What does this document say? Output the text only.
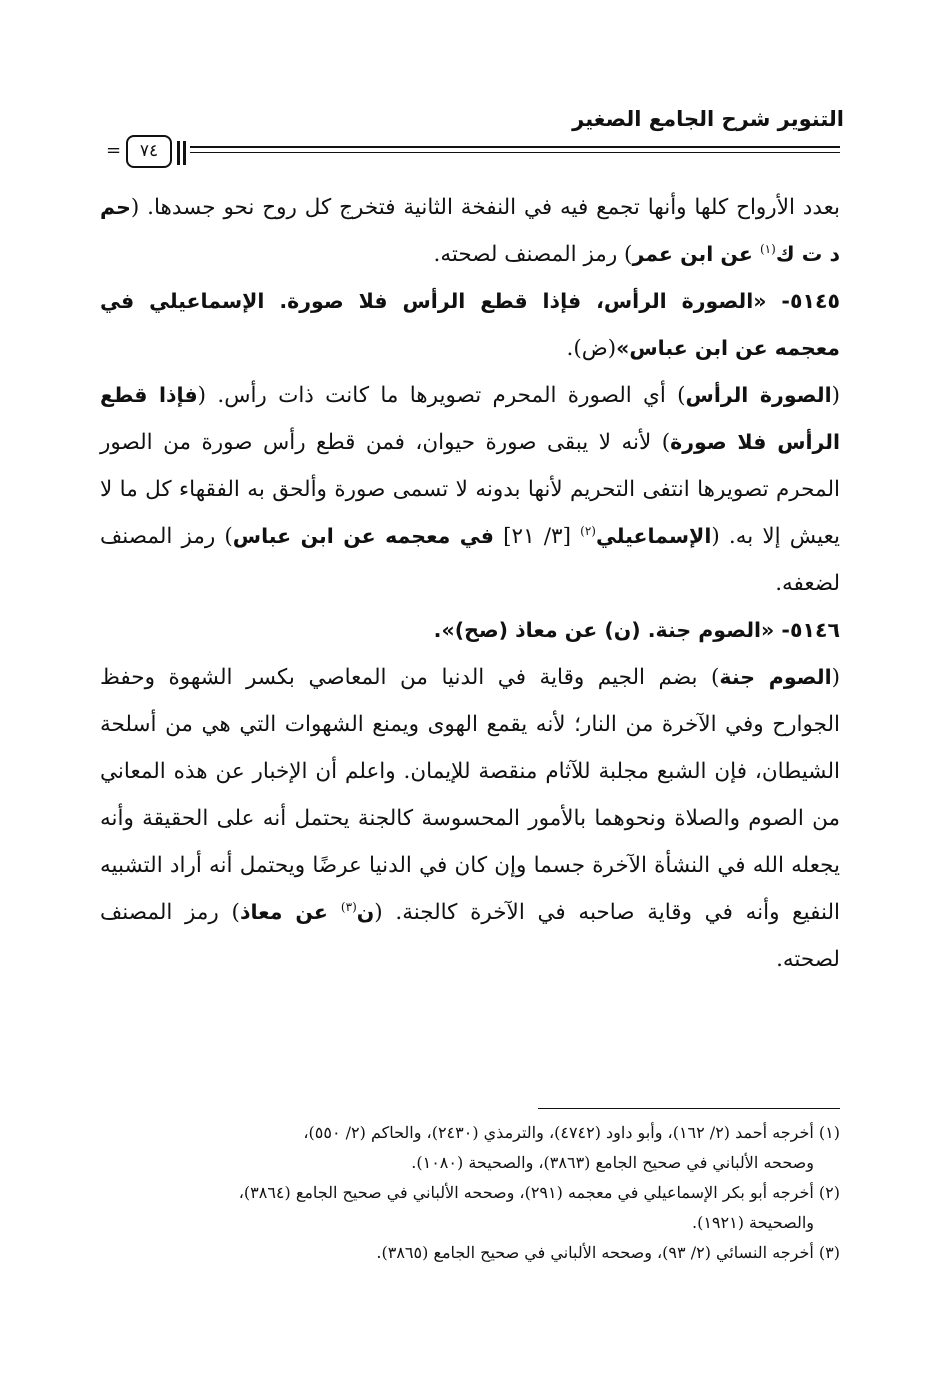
التنوير شرح الجامع الصغير
=	٧٤

بعدد الأرواح كلها وأنها تجمع فيه في النفخة الثانية فتخرج كل روح نحو جسدها. (حم د ت ك$^{(١)}$ عن ابن عمر) رمز المصنف لصحته.

٥١٤٥- «الصورة الرأس، فإذا قطع الرأس فلا صورة. الإسماعيلي في معجمه عن ابن عباس»(ض).

(الصورة الرأس) أي الصورة المحرم تصويرها ما كانت ذات رأس. (فإذا قطع الرأس فلا صورة) لأنه لا يبقى صورة حيوان، فمن قطع رأس صورة من الصور المحرم تصويرها انتفى التحريم لأنها بدونه لا تسمى صورة وألحق به الفقهاء كل ما لا يعيش إلا به. (الإسماعيلي$^{(٢)}$ [٣/ ٢١] في معجمه عن ابن عباس) رمز المصنف لضعفه.

٥١٤٦- «الصوم جنة. (ن) عن معاذ (صح)».

(الصوم جنة) بضم الجيم وقاية في الدنيا من المعاصي بكسر الشهوة وحفظ الجوارح وفي الآخرة من النار؛ لأنه يقمع الهوى ويمنع الشهوات التي هي من أسلحة الشيطان، فإن الشبع مجلبة للآثام منقصة للإيمان. واعلم أن الإخبار عن هذه المعاني من الصوم والصلاة ونحوهما بالأمور المحسوسة كالجنة يحتمل أنه على الحقيقة وأنه يجعله الله في النشأة الآخرة جسما وإن كان في الدنيا عرضًا ويحتمل أنه أراد التشبيه النفيع وأنه في وقاية صاحبه في الآخرة كالجنة. (ن$^{(٣)}$ عن معاذ) رمز المصنف لصحته.

(١) أخرجه أحمد (٢/ ١٦٢)، وأبو داود (٤٧٤٢)، والترمذي (٢٤٣٠)، والحاكم (٢/ ٥٥٠)،

وصححه الألباني في صحيح الجامع (٣٨٦٣)، والصحيحة (١٠٨٠).

(٢) أخرجه أبو بكر الإسماعيلي في معجمه (٢٩١)، وصححه الألباني في صحيح الجامع (٣٨٦٤)،

والصحيحة (١٩٢١).

(٣) أخرجه النسائي (٢/ ٩٣)، وصححه الألباني في صحيح الجامع (٣٨٦٥).
